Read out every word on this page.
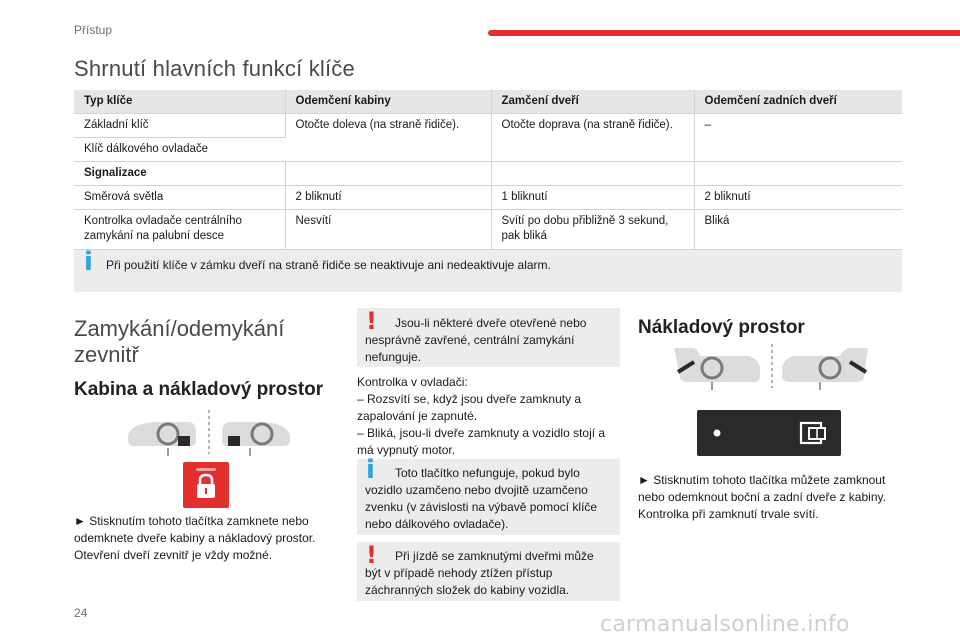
Přístup
Shrnutí hlavních funkcí klíče
Typ klíče	Odemčení kabiny	Zamčení dveří	Odemčení zadních dveří
Základní klíč	Otočte doleva (na straně řidiče).	Otočte doprava (na straně řidiče).	–
Klíč dálkového ovladače			
Signalizace			
Směrová světla	2 bliknutí	1 bliknutí	2 bliknutí
Kontrolka ovladače centrálního zamykání na palubní desce	Nesvítí	Svítí po dobu přibližně 3 sekund, pak bliká	Bliká
i Při použití klíče v zámku dveří na straně řidiče se neaktivuje ani nedeaktivuje alarm.
Zamykání/odemykání zevnitř
Kabina a nákladový prostor
► Stisknutím tohoto tlačítka zamknete nebo odemknete dveře kabiny a nákladový prostor. Otevření dveří zevnitř je vždy možné.
!	Jsou-li některé dveře otevřené nebo nesprávně zavřené, centrální zamykání nefunguje.
Kontrolka v ovladači:
– Rozsvítí se, když jsou dveře zamknuty a zapalování je zapnuté.
– Bliká, jsou-li dveře zamknuty a vozidlo stojí a má vypnutý motor.
i	Toto tlačítko nefunguje, pokud bylo vozidlo uzamčeno nebo dvojitě uzamčeno zvenku (v závislosti na výbavě pomocí klíče nebo dálkového ovladače).
!	Při jízdě se zamknutými dveřmi může být v případě nehody ztížen přístup záchranných složek do kabiny vozidla.
Nákladový prostor
► Stisknutím tohoto tlačítka můžete zamknout nebo odemknout boční a zadní dveře z kabiny. Kontrolka při zamknutí trvale svítí.
24	carmanualsonline.info
